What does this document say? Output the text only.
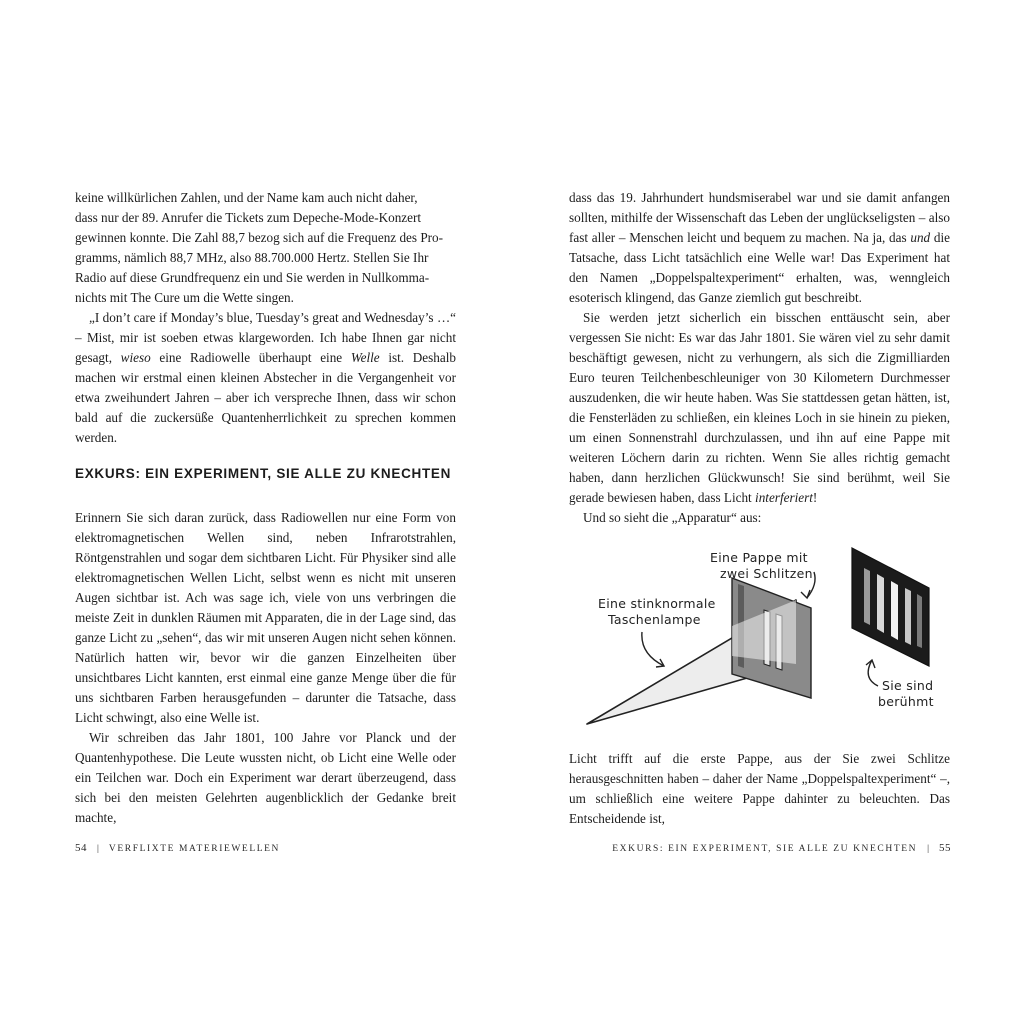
keine willkürlichen Zahlen, und der Name kam auch nicht daher,
dass nur der 89. Anrufer die Tickets zum Depeche-Mode-Konzert
gewinnen konnte. Die Zahl 88,7 bezog sich auf die Frequenz des Pro-
gramms, nämlich 88,7 MHz, also 88.700.000 Hertz. Stellen Sie Ihr
Radio auf diese Grundfrequenz ein und Sie werden in Nullkomma-
nichts mit The Cure um die Wette singen.

„I don’t care if Monday’s blue, Tuesday’s great and Wednesday’s …“ – Mist, mir ist soeben etwas klargeworden. Ich habe Ihnen gar nicht gesagt, wieso eine Radiowelle überhaupt eine Welle ist. Deshalb machen wir erstmal einen kleinen Abstecher in die Vergangenheit vor etwa zweihundert Jahren – aber ich verspreche Ihnen, dass wir schon bald auf die zuckersüße Quantenherrlichkeit zu sprechen kommen werden.

EXKURS: EIN EXPERIMENT, SIE ALLE ZU KNECHTEN

Erinnern Sie sich daran zurück, dass Radiowellen nur eine Form von elektromagnetischen Wellen sind, neben Infrarotstrahlen, Röntgenstrahlen und sogar dem sichtbaren Licht. Für Physiker sind alle elektromagnetischen Wellen Licht, selbst wenn es nicht mit unseren Augen sichtbar ist. Ach was sage ich, viele von uns verbringen die meiste Zeit in dunklen Räumen mit Apparaten, die in der Lage sind, das ganze Licht zu „sehen“, das wir mit unseren Augen nicht sehen können. Natürlich hatten wir, bevor wir die ganzen Einzelheiten über unsichtbares Licht kannten, erst einmal eine ganze Menge über die für uns sichtbaren Farben herausgefunden – darunter die Tatsache, dass Licht schwingt, also eine Welle ist.

Wir schreiben das Jahr 1801, 100 Jahre vor Planck und der Quantenhypothese. Die Leute wussten nicht, ob Licht eine Welle oder ein Teilchen war. Doch ein Experiment war derart überzeugend, dass sich bei den meisten Gelehrten augenblicklich der Gedanke breit machte,

54 | VERFLIXTE MATERIEWELLEN

dass das 19. Jahrhundert hundsmiserabel war und sie damit anfangen sollten, mithilfe der Wissenschaft das Leben der unglückseligsten – also fast aller – Menschen leicht und bequem zu machen. Na ja, das und die Tatsache, dass Licht tatsächlich eine Welle war! Das Experiment hat den Namen „Doppelspaltexperiment“ erhalten, was, wenngleich esoterisch klingend, das Ganze ziemlich gut beschreibt.

Sie werden jetzt sicherlich ein bisschen enttäuscht sein, aber vergessen Sie nicht: Es war das Jahr 1801. Sie wären viel zu sehr damit beschäftigt gewesen, nicht zu verhungern, als sich die Zigmilliarden Euro teuren Teilchenbeschleuniger von 30 Kilometern Durchmesser auszudenken, die wir heute haben. Was Sie stattdessen getan hätten, ist, die Fensterläden zu schließen, ein kleines Loch in sie hinein zu pieken, um einen Sonnenstrahl durchzulassen, und ihn auf eine Pappe mit weiteren Löchern darin zu richten. Wenn Sie alles richtig gemacht haben, dann herzlichen Glückwunsch! Sie sind berühmt, weil Sie gerade bewiesen haben, dass Licht interferiert!

Und so sieht die „Apparatur“ aus:

Eine Pappe mit
zwei Schlitzen
Eine stinknormale
Taschenlampe
Sie sind
berühmt

Licht trifft auf die erste Pappe, aus der Sie zwei Schlitze herausgeschnitten haben – daher der Name „Doppelspaltexperiment“ –, um schließlich eine weitere Pappe dahinter zu beleuchten. Das Entscheidende ist,

EXKURS: EIN EXPERIMENT, SIE ALLE ZU KNECHTEN | 55
